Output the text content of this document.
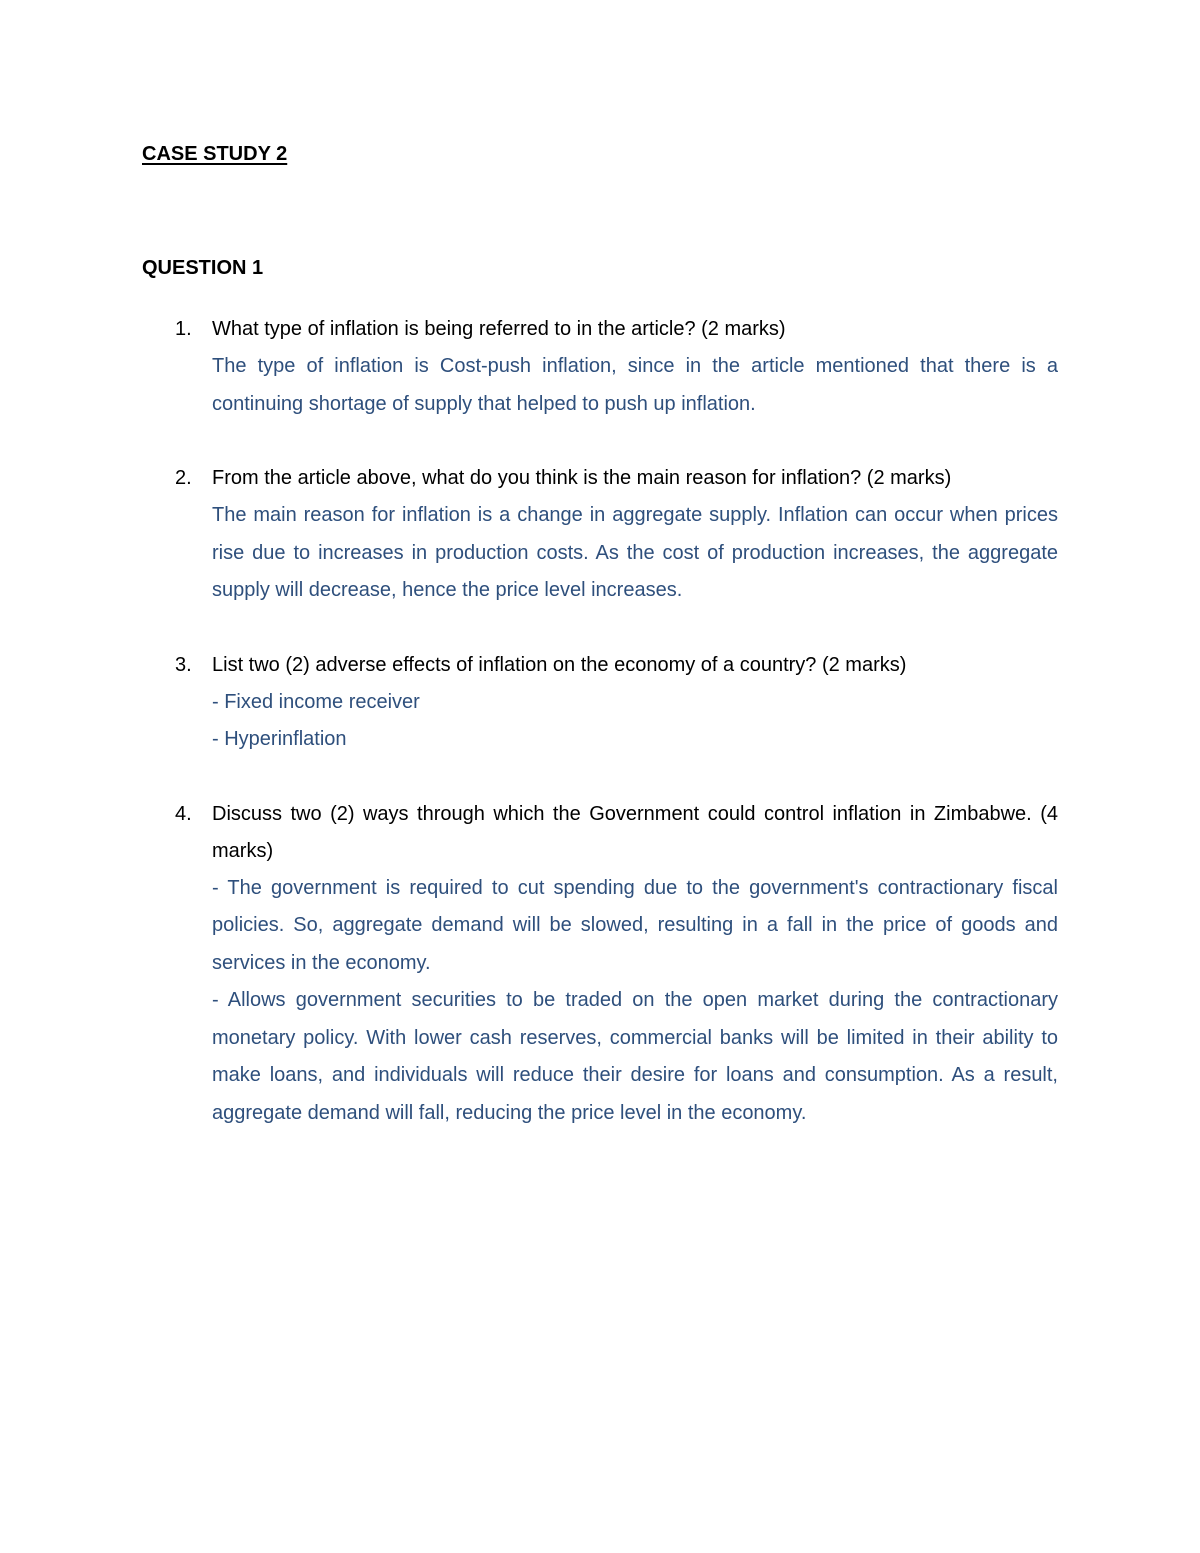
CASE STUDY 2
QUESTION 1
1.	What type of inflation is being referred to in the article? (2 marks)

The type of inflation is Cost-push inflation, since in the article mentioned that there is a continuing shortage of supply that helped to push up inflation.

2.	From the article above, what do you think is the main reason for inflation? (2 marks)

The main reason for inflation is a change in aggregate supply. Inflation can occur when prices rise due to increases in production costs. As the cost of production increases, the aggregate supply will decrease, hence the price level increases.

3.	List two (2) adverse effects of inflation on the economy of a country? (2 marks)

- Fixed income receiver

- Hyperinflation

4.	Discuss two (2) ways through which the Government could control inflation in Zimbabwe. (4 marks)

- The government is required to cut spending due to the government's contractionary fiscal policies. So, aggregate demand will be slowed, resulting in a fall in the price of goods and services in the economy.

- Allows government securities to be traded on the open market during the contractionary monetary policy. With lower cash reserves, commercial banks will be limited in their ability to make loans, and individuals will reduce their desire for loans and consumption. As a result, aggregate demand will fall, reducing the price level in the economy.
